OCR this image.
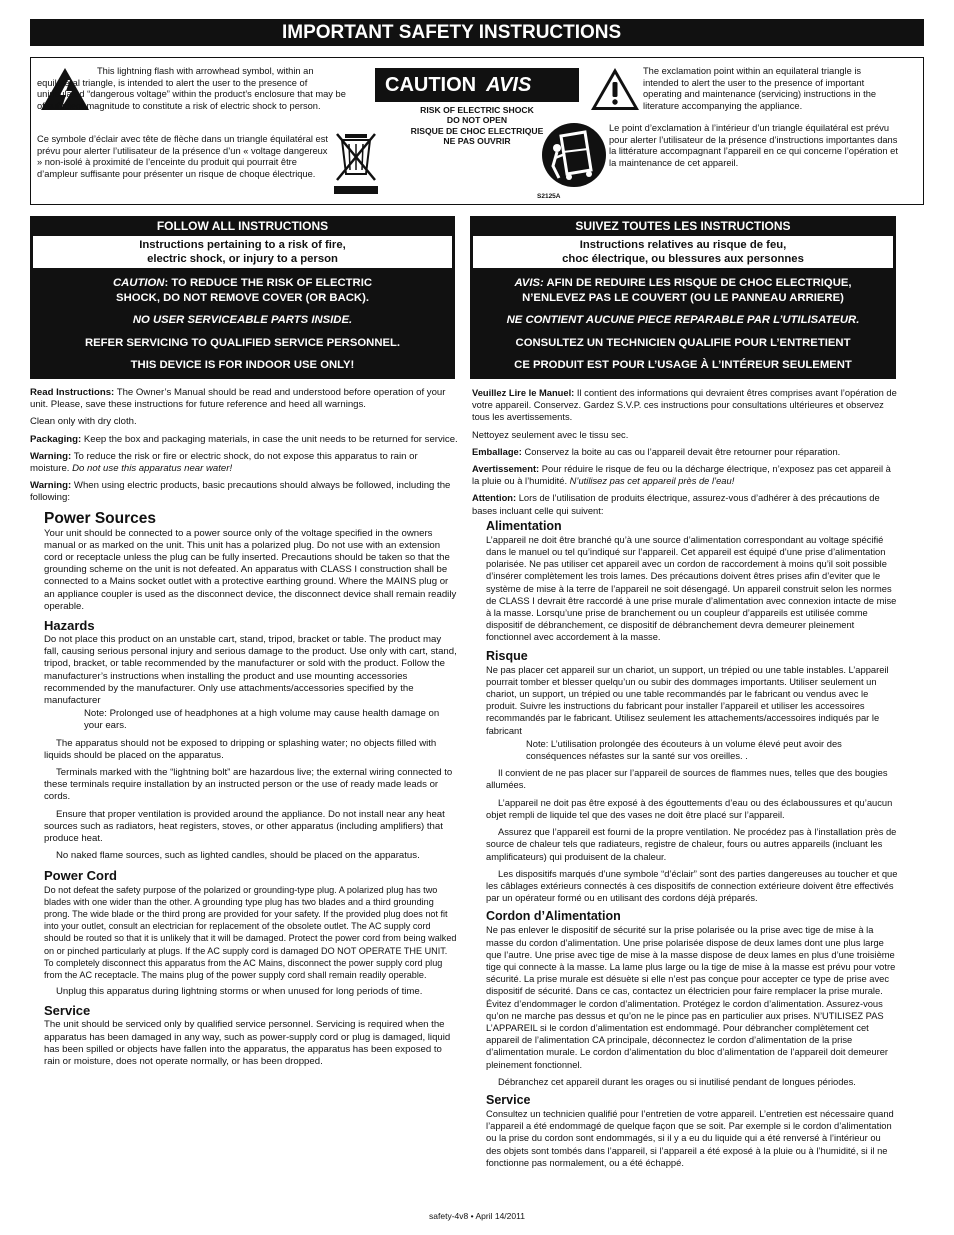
IMPORTANT SAFETY INSTRUCTIONS

This lightning flash with arrowhead symbol, within an equilateral triangle, is intended to alert the user to the presence of uninsulated “dangerous voltage” within the product’s enclosure that may be of sufficient magnitude to constitute a risk of electric shock to person.

Ce symbole d’éclair avec tête de flèche dans un triangle équilatéral est prévu pour alerter l’utilisateur de la présence d’un « voltage dangereux » non-isolé à proximité de l’enceinte du produit qui pourrait être d’ampleur suffisante pour présenter un risque de choque électrique.

CAUTION AVIS
RISK OF ELECTRIC SHOCK
DO NOT OPEN
RISQUE DE CHOC ELECTRIQUE
NE PAS OUVRIR
S2125A

The exclamation point within an equilateral triangle is intended to alert the user to the presence of important operating and maintenance (servicing) instructions in the literature accompanying the appliance.

Le point d’exclamation à l’intérieur d’un triangle équilatéral est prévu pour alerter l’utilisateur de la présence d’instructions importantes dans la littérature accompagnant l’appareil en ce qui concerne l’opération et la maintenance de cet appareil.

FOLLOW ALL INSTRUCTIONS
Instructions pertaining to a risk of fire,
electric shock, or injury to a person
CAUTION: TO REDUCE THE RISK OF ELECTRIC
SHOCK, DO NOT REMOVE COVER (OR BACK).
NO USER SERVICEABLE PARTS INSIDE.
REFER SERVICING TO QUALIFIED SERVICE PERSONNEL.
THIS DEVICE IS FOR INDOOR USE ONLY!

Read Instructions: The Owner’s Manual should be read and understood before operation of your unit. Please, save these instructions for future reference and heed all warnings.

Clean only with dry cloth.

Packaging: Keep the box and packaging materials, in case the unit needs to be returned for service.

Warning: To reduce the risk or fire or electric shock, do not expose this apparatus to rain or moisture. Do not use this apparatus near water!

Warning: When using electric products, basic precautions should always be followed, including the following:

Power Sources

Your unit should be connected to a power source only of the voltage specified in the owners manual or as marked on the unit. This unit has a polarized plug. Do not use with an extension cord or receptacle unless the plug can be fully inserted. Precautions should be taken so that the grounding scheme on the unit is not defeated. An apparatus with CLASS I construction shall be connected to a Mains socket outlet with a protective earthing ground. Where the MAINS plug or an appliance coupler is used as the disconnect device, the disconnect device shall remain readily operable.

Hazards

Do not place this product on an unstable cart, stand, tripod, bracket or table. The product may fall, causing serious personal injury and serious damage to the product. Use only with cart, stand, tripod, bracket, or table recommended by the manufacturer or sold with the product. Follow the manufacturer’s instructions when installing the product and use mounting accessories recommended by the manufacturer. Only use attachments/accessories specified by the manufacturer

Note: Prolonged use of headphones at a high volume may cause health damage on your ears.

The apparatus should not be exposed to dripping or splashing water; no objects filled with liquids should be placed on the apparatus.

Terminals marked with the “lightning bolt” are hazardous live; the external wiring connected to these terminals require installation by an instructed person or the use of ready made leads or cords.

Ensure that proper ventilation is provided around the appliance. Do not install near any heat sources such as radiators, heat registers, stoves, or other apparatus (including amplifiers) that produce heat.

No naked flame sources, such as lighted candles, should be placed on the apparatus.

Power Cord

Do not defeat the safety purpose of the polarized or grounding-type plug. A polarized plug has two blades with one wider than the other. A grounding type plug has two blades and a third grounding prong. The wide blade or the third prong are provided for your safety. If the provided plug does not fit into your outlet, consult an electrician for replacement of the obsolete outlet. The AC supply cord should be routed so that it is unlikely that it will be damaged. Protect the power cord from being walked on or pinched particularly at plugs. If the AC supply cord is damaged DO NOT OPERATE THE UNIT. To completely disconnect this apparatus from the AC Mains, disconnect the power supply cord plug from the AC receptacle. The mains plug of the power supply cord shall remain readily operable.

Unplug this apparatus during lightning storms or when unused for long periods of time.

Service

The unit should be serviced only by qualified service personnel. Servicing is required when the apparatus has been damaged in any way, such as power-supply cord or plug is damaged, liquid has been spilled or objects have fallen into the apparatus, the apparatus has been exposed to rain or moisture, does not operate normally, or has been dropped.

SUIVEZ TOUTES LES INSTRUCTIONS
Instructions relatives au risque de feu,
choc électrique, ou blessures aux personnes
AVIS: AFIN DE REDUIRE LES RISQUE DE CHOC ELECTRIQUE,
N’ENLEVEZ PAS LE COUVERT (OU LE PANNEAU ARRIERE)
NE CONTIENT AUCUNE PIECE REPARABLE PAR L’UTILISATEUR.
CONSULTEZ UN TECHNICIEN QUALIFIE POUR L’ENTRETIENT
CE PRODUIT EST POUR L’USAGE À L’INTÉREUR SEULEMENT

Veuillez Lire le Manuel: Il contient des informations qui devraient êtres comprises avant l’opération de votre appareil. Conservez. Gardez S.V.P. ces instructions pour consultations ultérieures et observez tous les avertissements.

Nettoyez seulement avec le tissu sec.

Emballage: Conservez la boite au cas ou l’appareil devait être retourner pour réparation.

Avertissement: Pour réduire le risque de feu ou la décharge électrique, n’exposez pas cet appareil à la pluie ou à l’humidité. N’utilisez pas cet appareil près de l’eau!

Attention: Lors de l’utilisation de produits électrique, assurez-vous d’adhérer à des précautions de bases incluant celle qui suivent:

Alimentation

L’appareil ne doit être branché qu’à une source d’alimentation correspondant au voltage spécifié dans le manuel ou tel qu’indiqué sur l’appareil. Cet appareil est équipé d’une prise d’alimentation polarisée. Ne pas utiliser cet appareil avec un cordon de raccordement à moins qu’il soit possible d’insérer complètement les trois lames. Des précautions doivent êtres prises afin d’eviter que le système de mise à la terre de l’appareil ne soit désengagé. Un appareil construit selon les normes de CLASS I devrait être raccordé à une prise murale d’alimentation avec connexion intacte de mise à la masse. Lorsqu’une prise de branchement ou un coupleur d’appareils est utilisée comme dispositif de débranchement, ce dispositif de débranchement devra demeurer pleinement fonctionnel avec accordement à la masse.

Risque

Ne pas placer cet appareil sur un chariot, un support, un trépied ou une table instables. L’appareil pourrait tomber et blesser quelqu’un ou subir des dommages importants. Utiliser seulement un chariot, un support, un trépied ou une table recommandés par le fabricant ou vendus avec le produit. Suivre les instructions du fabricant pour installer l’appareil et utiliser les accessoires recommandés par le fabricant. Utilisez seulement les attachements/accessoires indiqués par le fabricant

Note: L’utilisation prolongée des écouteurs à un volume élevé peut avoir des conséquences néfastes sur la santé sur vos oreilles. .

Il convient de ne pas placer sur l’appareil de sources de flammes nues, telles que des bougies allumées.

L’appareil ne doit pas être exposé à des égouttements d’eau ou des éclaboussures et qu’aucun objet rempli de liquide tel que des vases ne doit être placé sur l’appareil.

Assurez que l’appareil est fourni de la propre ventilation. Ne procédez pas à l’installation près de source de chaleur tels que radiateurs, registre de chaleur, fours ou autres appareils (incluant les amplificateurs) qui produisent de la chaleur.

Les dispositifs marqués d’une symbole “d’éclair” sont des parties dangereuses au toucher et que les câblages extérieurs connectés à ces dispositifs de connection extérieure doivent être effectivés par un opérateur formé ou en utilisant des cordons déjà préparés.

Cordon d’Alimentation

Ne pas enlever le dispositif de sécurité sur la prise polarisée ou la prise avec tige de mise à la masse du cordon d’alimentation. Une prise polarisée dispose de deux lames dont une plus large que l’autre. Une prise avec tige de mise à la masse dispose de deux lames en plus d’une troisième tige qui connecte à la masse. La lame plus large ou la tige de mise à la masse est prévu pour votre sécurité. La prise murale est désuète si elle n’est pas conçue pour accepter ce type de prise avec dispositif de sécurité. Dans ce cas, contactez un électricien pour faire remplacer la prise murale. Évitez d’endommager le cordon d’alimentation. Protégez le cordon d’alimentation. Assurez-vous qu’on ne marche pas dessus et qu’on ne le pince pas en particulier aux prises. N’UTILISEZ PAS L’APPAREIL si le cordon d’alimentation est endommagé. Pour débrancher complètement cet appareil de l’alimentation CA principale, déconnectez le cordon d’alimentation de la prise d’alimentation murale. Le cordon d’alimentation du bloc d’alimentation de l’appareil doit demeurer pleinement fonctionnel.

Débranchez cet appareil durant les orages ou si inutilisé pendant de longues périodes.

Service

Consultez un technicien qualifié pour l’entretien de votre appareil. L’entretien est nécessaire quand l’appareil a été endommagé de quelque façon que se soit. Par exemple si le cordon d’alimentation ou la prise du cordon sont endommagés, si il y a eu du liquide qui a été renversé à l’intérieur ou des objets sont tombés dans l’appareil, si l’appareil a été exposé à la pluie ou à l’humidité, si il ne fonctionne pas normalement, ou a été échappé.

safety-4v8 • April 14/2011
